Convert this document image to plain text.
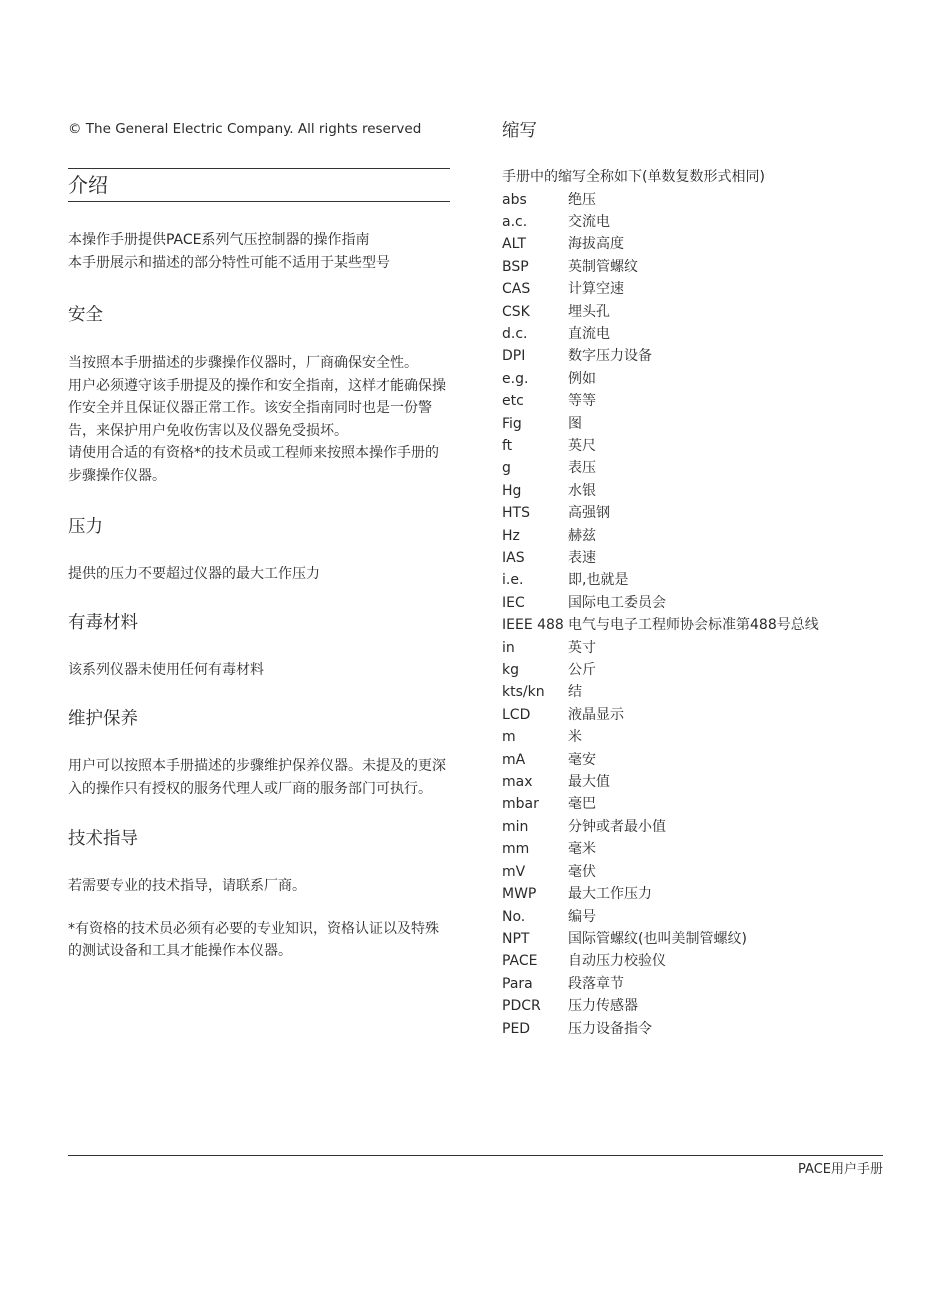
© The General Electric Company. All rights reserved

介绍

本操作手册提供PACE系列气压控制器的操作指南

本手册展示和描述的部分特性可能不适用于某些型号

安全

当按照本手册描述的步骤操作仪器时，厂商确保安全性。

用户必须遵守该手册提及的操作和安全指南，这样才能确保操作安全并且保证仪器正常工作。该安全指南同时也是一份警告，来保护用户免收伤害以及仪器免受损坏。

请使用合适的有资格*的技术员或工程师来按照本操作手册的步骤操作仪器。

压力

提供的压力不要超过仪器的最大工作压力

有毒材料

该系列仪器未使用任何有毒材料

维护保养

用户可以按照本手册描述的步骤维护保养仪器。未提及的更深入的操作只有授权的服务代理人或厂商的服务部门可执行。

技术指导

若需要专业的技术指导，请联系厂商。

*有资格的技术员必须有必要的专业知识，资格认证以及特殊的测试设备和工具才能操作本仪器。

缩写

手册中的缩写全称如下(单数复数形式相同)

abs	绝压
a.c.	交流电
ALT	海拔高度
BSP	英制管螺纹
CAS	计算空速
CSK	埋头孔
d.c.	直流电
DPI	数字压力设备
e.g.	例如
etc	等等
Fig	图
ft	英尺
g	表压
Hg	水银
HTS	高强钢
Hz	赫兹
IAS	表速
i.e.	即,也就是
IEC	国际电工委员会
IEEE 488 电气与电子工程师协会标准第488号总线
in	英寸
kg	公斤
kts/kn	结
LCD	液晶显示
m	米
mA	毫安
max	最大值
mbar	毫巴
min	分钟或者最小值
mm	毫米
mV	毫伏
MWP	最大工作压力
No.	编号
NPT	国际管螺纹(也叫美制管螺纹)
PACE	自动压力校验仪
Para	段落章节
PDCR	压力传感器
PED	压力设备指令
PACE用户手册
